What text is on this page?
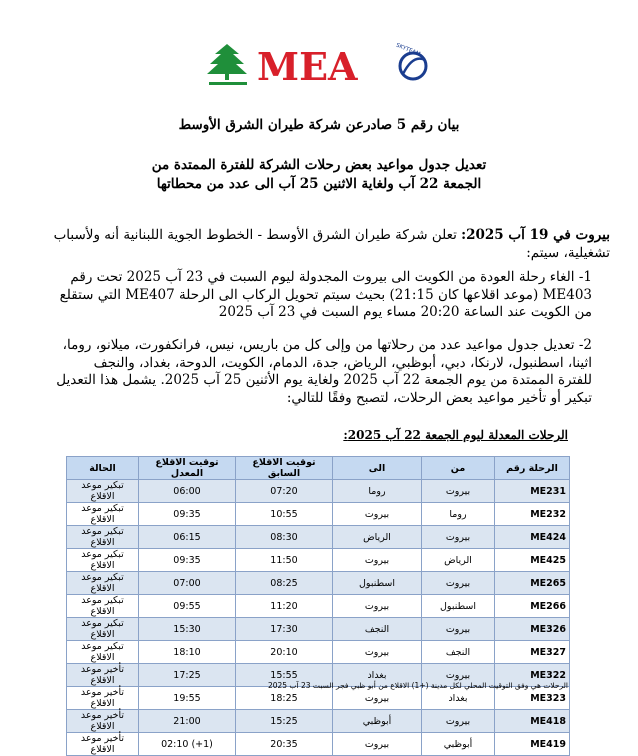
MEA	SKYTEAM

بيان رقم 5 صادرعن شركة طيران الشرق الأوسط

تعديل جدول مواعيد بعض رحلات الشركة للفترة الممتدة من

الجمعة 22 آب ولغاية الاثنين 25 آب الى عدد من محطاتها

بيروت في 19 آب 2025: تعلن شركة طيران الشرق الأوسط - الخطوط الجوية اللبنانية أنه ولأسباب تشغيلية، سيتم:
1- الغاء رحلة العودة من الكويت الى بيروت المجدولة ليوم السبت في 23 آب 2025 تحت رقم ME403 (موعد اقلاعها كان 21:15) بحيث سيتم تحويل الركاب الى الرحلة ME407 التي ستقلع من الكويت عند الساعة 20:20 مساء يوم السبت في 23 آب 2025
2- تعديل جدول مواعيد عدد من رحلاتها من وإلى كل من باريس، نيس، فرانكفورت، ميلانو، روما، اثينا، اسطنبول، لارنكا، دبي، أبوظبي، الرياض، جدة، الدمام، الكويت، الدوحة، بغداد، والنجف للفترة الممتدة من يوم الجمعة 22 آب 2025 ولغاية يوم الأثنين 25 آب 2025. يشمل هذا التعديل تبكير أو تأخير مواعيد بعض الرحلات، لتصبح وفقًا للتالي:
الرحلات المعدلة ليوم الجمعة 22 آب 2025:
الرحلة رقم	من	الى	توقيت الاقلاع السابق	توقيت الاقلاع المعدل	الحالة
ME231	بيروت	روما	07:20	06:00	تبكير موعد الاقلاع
ME232	روما	بيروت	10:55	09:35	تبكير موعد الاقلاع
ME424	بيروت	الرياض	08:30	06:15	تبكير موعد الاقلاع
ME425	الرياض	بيروت	11:50	09:35	تبكير موعد الاقلاع
ME265	بيروت	اسطنبول	08:25	07:00	تبكير موعد الاقلاع
ME266	اسطنبول	بيروت	11:20	09:55	تبكير موعد الاقلاع
ME326	بيروت	النجف	17:30	15:30	تبكير موعد الاقلاع
ME327	النجف	بيروت	20:10	18:10	تبكير موعد الاقلاع
ME322	بيروت	بغداد	15:55	17:25	تأخير موعد الاقلاع
ME323	بغداد	بيروت	18:25	19:55	تأخير موعد الاقلاع
ME418	بيروت	أبوظبي	15:25	21:00	تأخير موعد الاقلاع
ME419	أبوظبي	بيروت	20:35	02:10 (+1)	تأخير موعد الاقلاع
الرحلات هي وفق التوقيت المحلي لكل مدينة (+1) الاقلاع من أبو ظبي فجر السبت 23 آب 2025
